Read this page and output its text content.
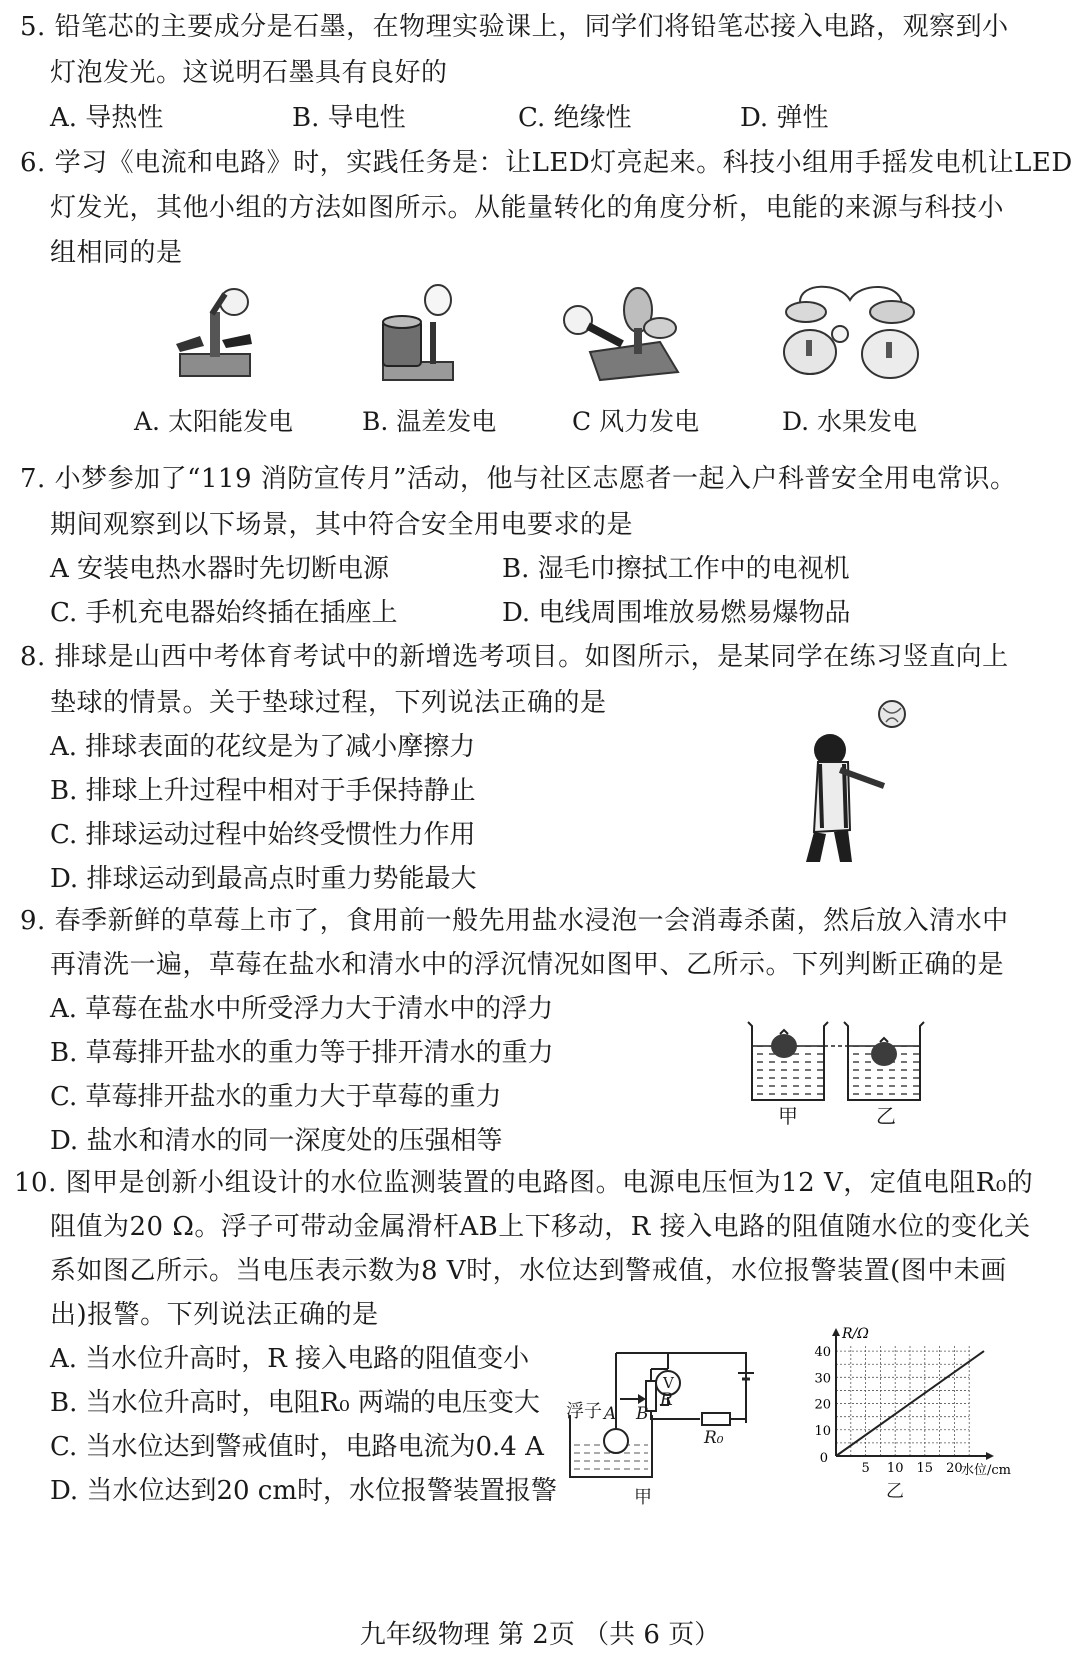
5. 铅笔芯的主要成分是石墨，在物理实验课上，同学们将铅笔芯接入电路，观察到小
灯泡发光。这说明石墨具有良好的
A. 导热性	B. 导电性	C. 绝缘性	D. 弹性
6. 学习《电流和电路》时，实践任务是：让LED灯亮起来。科技小组用手摇发电机让LED
灯发光，其他小组的方法如图所示。从能量转化的角度分析，电能的来源与科技小
组相同的是
A. 太阳能发电	B. 温差发电	C 风力发电	D. 水果发电
7. 小梦参加了“119 消防宣传月”活动，他与社区志愿者一起入户科普安全用电常识。
期间观察到以下场景，其中符合安全用电要求的是
A 安装电热水器时先切断电源	B. 湿毛巾擦拭工作中的电视机
C. 手机充电器始终插在插座上	D. 电线周围堆放易燃易爆物品
8. 排球是山西中考体育考试中的新增选考项目。如图所示，是某同学在练习竖直向上
垫球的情景。关于垫球过程，下列说法正确的是
A. 排球表面的花纹是为了减小摩擦力
B. 排球上升过程中相对于手保持静止
C. 排球运动过程中始终受惯性力作用
D. 排球运动到最高点时重力势能最大
9. 春季新鲜的草莓上市了，食用前一般先用盐水浸泡一会消毒杀菌，然后放入清水中
再清洗一遍，草莓在盐水和清水中的浮沉情况如图甲、乙所示。下列判断正确的是
A. 草莓在盐水中所受浮力大于清水中的浮力
B. 草莓排开盐水的重力等于排开清水的重力
C. 草莓排开盐水的重力大于草莓的重力
D. 盐水和清水的同一深度处的压强相等
甲	乙
10. 图甲是创新小组设计的水位监测装置的电路图。电源电压恒为12 V，定值电阻R₀的
阻值为20 Ω。浮子可带动金属滑杆AB上下移动，R 接入电路的阻值随水位的变化关
系如图乙所示。当电压表示数为8 V时，水位达到警戒值，水位报警装置(图中未画
出)报警。下列说法正确的是
A. 当水位升高时，R 接入电路的阻值变小
B. 当水位升高时，电阻R₀ 两端的电压变大
C. 当水位达到警戒值时，电路电流为0.4 A
D. 当水位达到20 cm时，水位报警装置报警
浮子 A B
R
V
R₀
甲
5 10 15 20
10
20
30
40
R/Ω
水位/cm
0
乙
九年级物理 第 2页 （共 6 页）
